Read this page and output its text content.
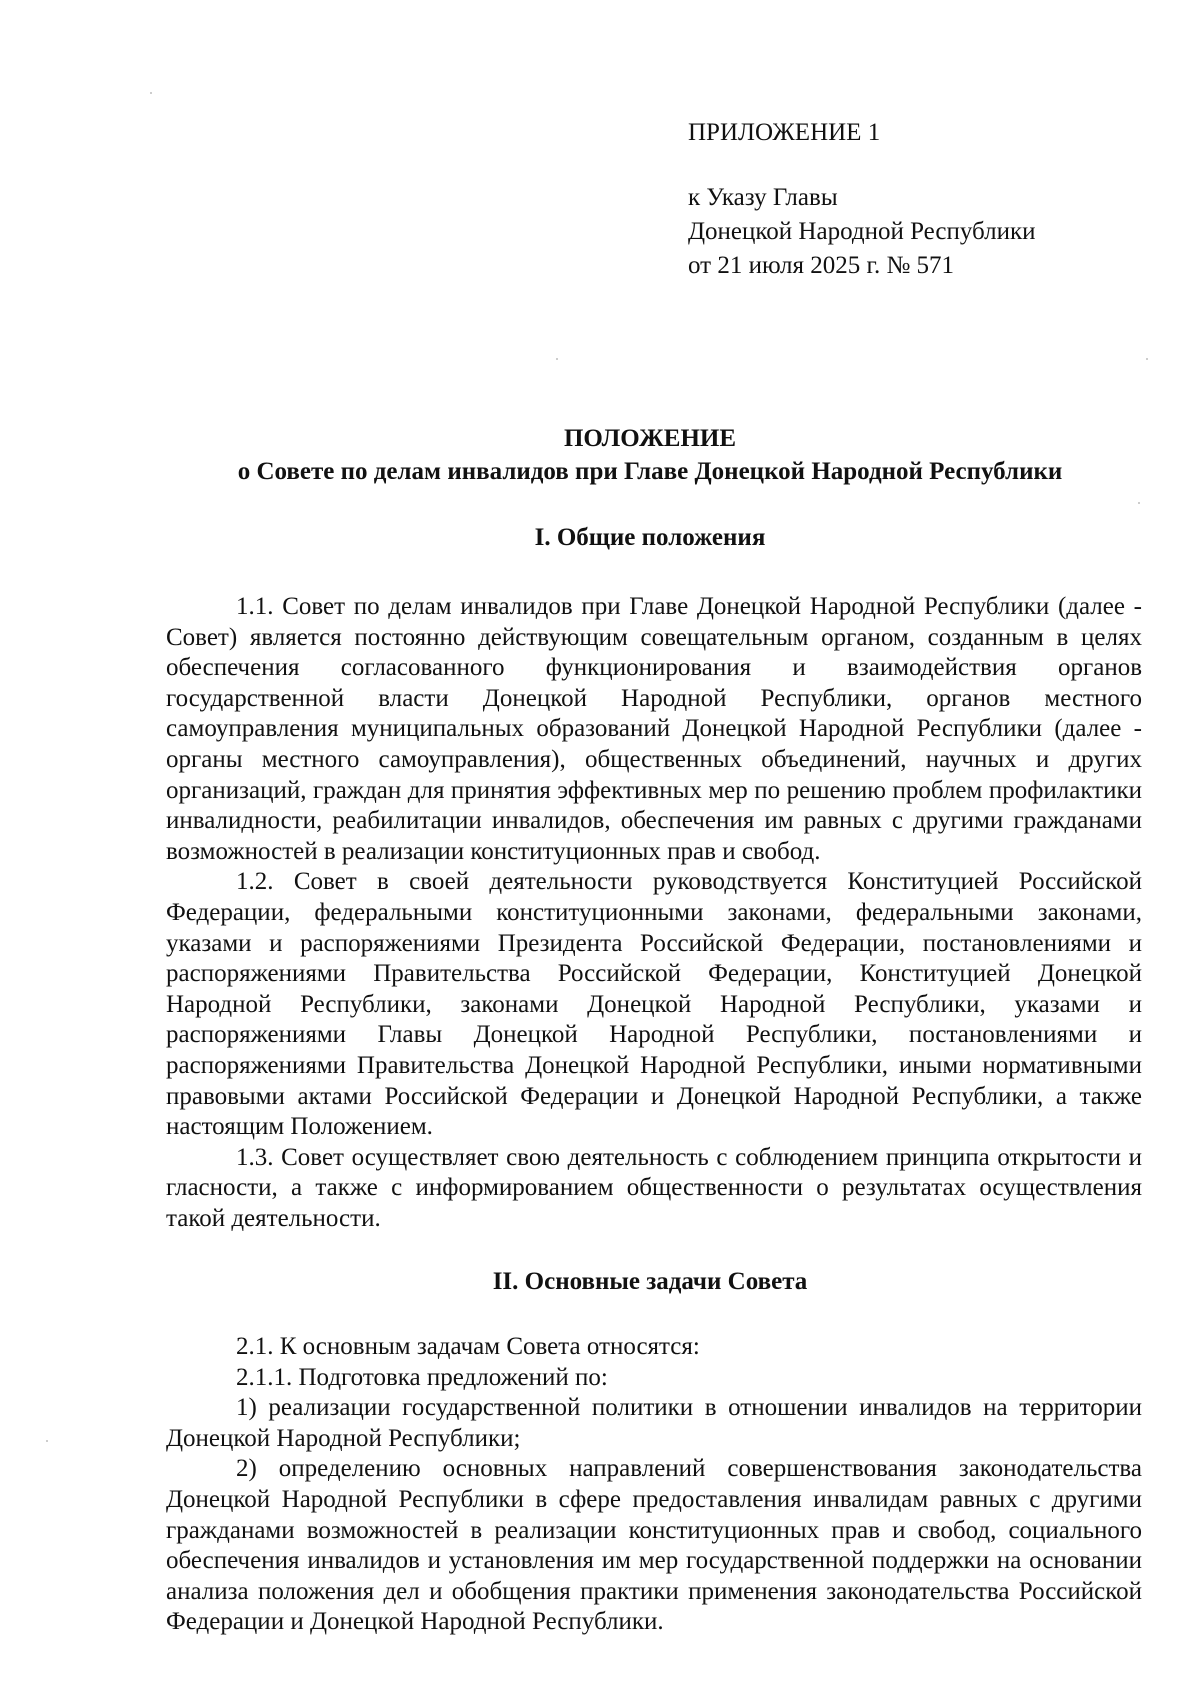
ПРИЛОЖЕНИЕ 1
к Указу Главы
Донецкой Народной Республики
от 21 июля 2025 г. № 571
ПОЛОЖЕНИЕ
о Совете по делам инвалидов при Главе Донецкой Народной Республики
I. Общие положения

1.1. Совет по делам инвалидов при Главе Донецкой Народной Республики (далее - Совет) является постоянно действующим совещательным органом, созданным в целях обеспечения согласованного функционирования и взаимодействия органов государственной власти Донецкой Народной Республики, органов местного самоуправления муниципальных образований Донецкой Народной Республики (далее - органы местного самоуправления), общественных объединений, научных и других организаций, граждан для принятия эффективных мер по решению проблем профилактики инвалидности, реабилитации инвалидов, обеспечения им равных с другими гражданами возможностей в реализации конституционных прав и свобод.

1.2. Совет в своей деятельности руководствуется Конституцией Российской Федерации, федеральными конституционными законами, федеральными законами, указами и распоряжениями Президента Российской Федерации, постановлениями и распоряжениями Правительства Российской Федерации, Конституцией Донецкой Народной Республики, законами Донецкой Народной Республики, указами и распоряжениями Главы Донецкой Народной Республики, постановлениями и распоряжениями Правительства Донецкой Народной Республики, иными нормативными правовыми актами Российской Федерации и Донецкой Народной Республики, а также настоящим Положением.

1.3. Совет осуществляет свою деятельность с соблюдением принципа открытости и гласности, а также с информированием общественности о результатах осуществления такой деятельности.

II. Основные задачи Совета

2.1. К основным задачам Совета относятся:

2.1.1. Подготовка предложений по:

1) реализации государственной политики в отношении инвалидов на территории Донецкой Народной Республики;

2) определению основных направлений совершенствования законодательства Донецкой Народной Республики в сфере предоставления инвалидам равных с другими гражданами возможностей в реализации конституционных прав и свобод, социального обеспечения инвалидов и установления им мер государственной поддержки на основании анализа положения дел и обобщения практики применения законодательства Российской Федерации и Донецкой Народной Республики.
